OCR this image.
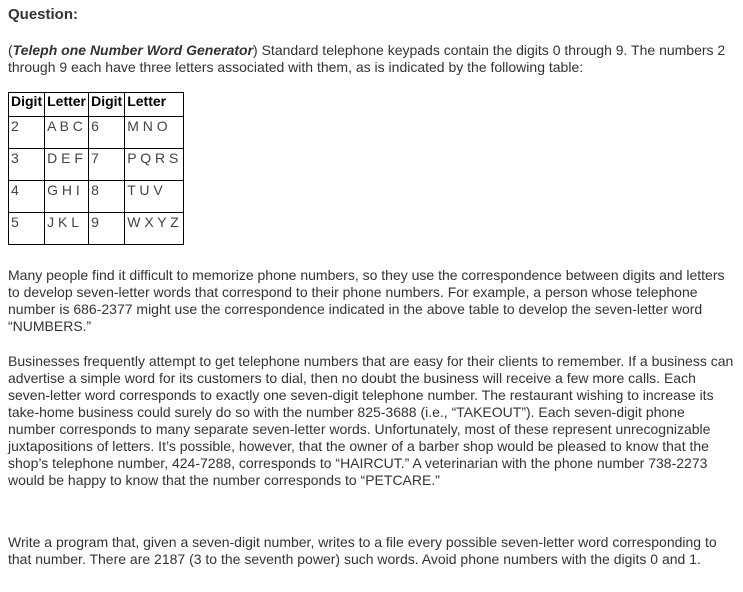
Question:
(Teleph one Number Word Generator) Standard telephone keypads contain the digits 0 through 9. The numbers 2 through 9 each have three letters associated with them, as is indicated by the following table:
Digit	Letter	Digit	Letter
2	A B C	6	M N O
3	D E F	7	P Q R S
4	G H I	8	T U V
5	J K L	9	W X Y Z

Many people find it difficult to memorize phone numbers, so they use the correspondence between digits and letters to develop seven-letter words that correspond to their phone numbers. For example, a person whose telephone number is 686-2377 might use the correspondence indicated in the above table to develop the seven-letter word “NUMBERS.”

Businesses frequently attempt to get telephone numbers that are easy for their clients to remember. If a business can advertise a simple word for its customers to dial, then no doubt the business will receive a few more calls. Each seven-letter word corresponds to exactly one seven-digit telephone number. The restaurant wishing to increase its take-home business could surely do so with the number 825-3688 (i.e., “TAKEOUT”). Each seven-digit phone number corresponds to many separate seven-letter words. Unfortunately, most of these represent unrecognizable juxtapositions of letters. It’s possible, however, that the owner of a barber shop would be pleased to know that the shop’s telephone number, 424-7288, corresponds to “HAIRCUT.” A veterinarian with the phone number 738-2273 would be happy to know that the number corresponds to “PETCARE.”

Write a program that, given a seven-digit number, writes to a file every possible seven-letter word corresponding to that number. There are 2187 (3 to the seventh power) such words. Avoid phone numbers with the digits 0 and 1.
